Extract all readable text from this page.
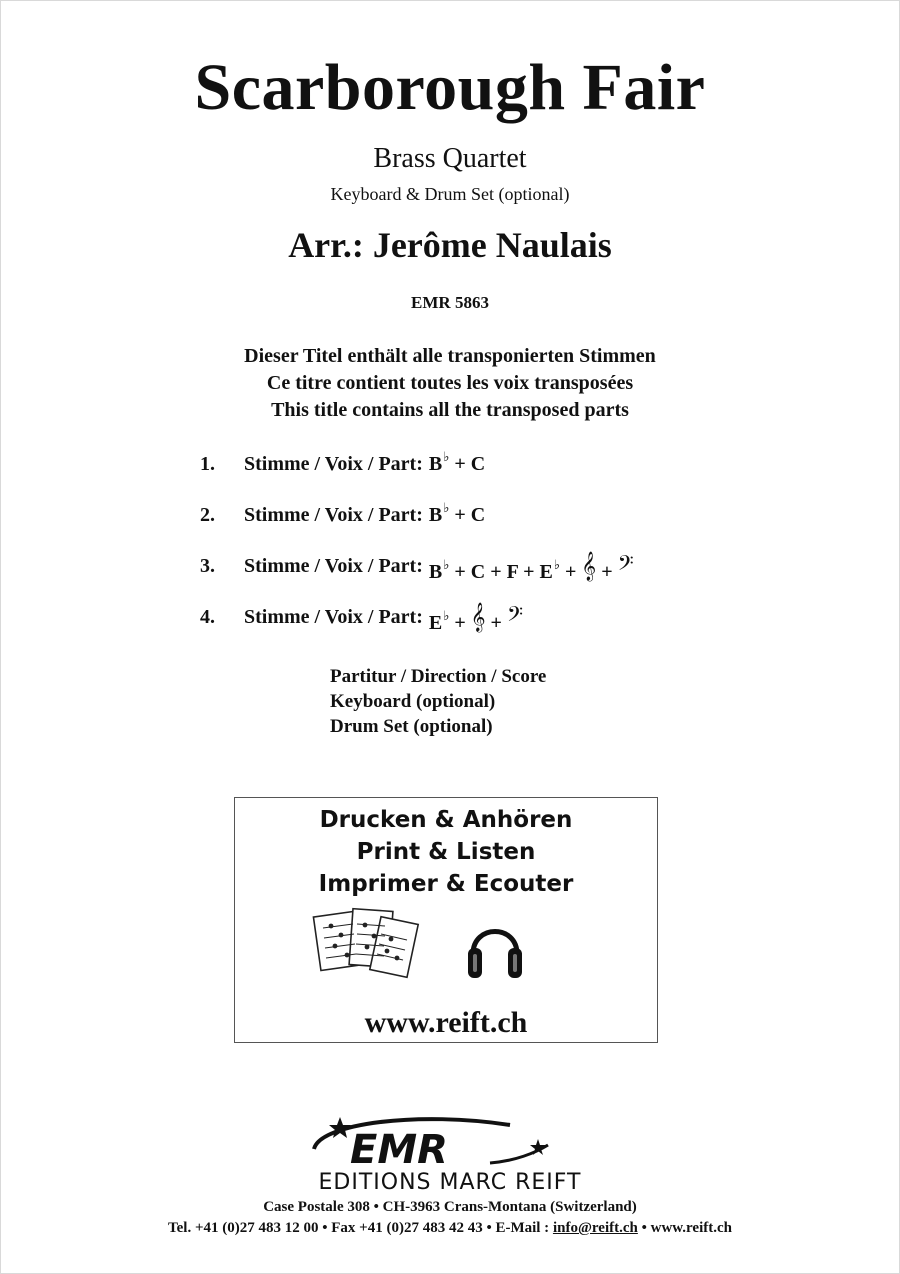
Scarborough Fair
Brass Quartet
Keyboard & Drum Set (optional)
Arr.: Jerôme Naulais
EMR 5863
Dieser Titel enthält alle transponierten Stimmen
Ce titre contient toutes les voix transposées
This title contains all the transposed parts
1.	Stimme / Voix / Part: B♭ + C
2.	Stimme / Voix / Part: B♭ + C
3.	Stimme / Voix / Part: B♭ + C + F + E♭ + 𝄞 + 𝄢
4.	Stimme / Voix / Part: E♭ + 𝄞 + 𝄢
Partitur / Direction / Score
Keyboard (optional)
Drum Set (optional)
Drucken & Anhören
Print & Listen
Imprimer & Ecouter
www.reift.ch
EMR
EDITIONS MARC REIFT
Case Postale 308 • CH-3963 Crans-Montana (Switzerland)
Tel. +41 (0)27 483 12 00 • Fax +41 (0)27 483 42 43 • E-Mail : info@reift.ch • www.reift.ch
